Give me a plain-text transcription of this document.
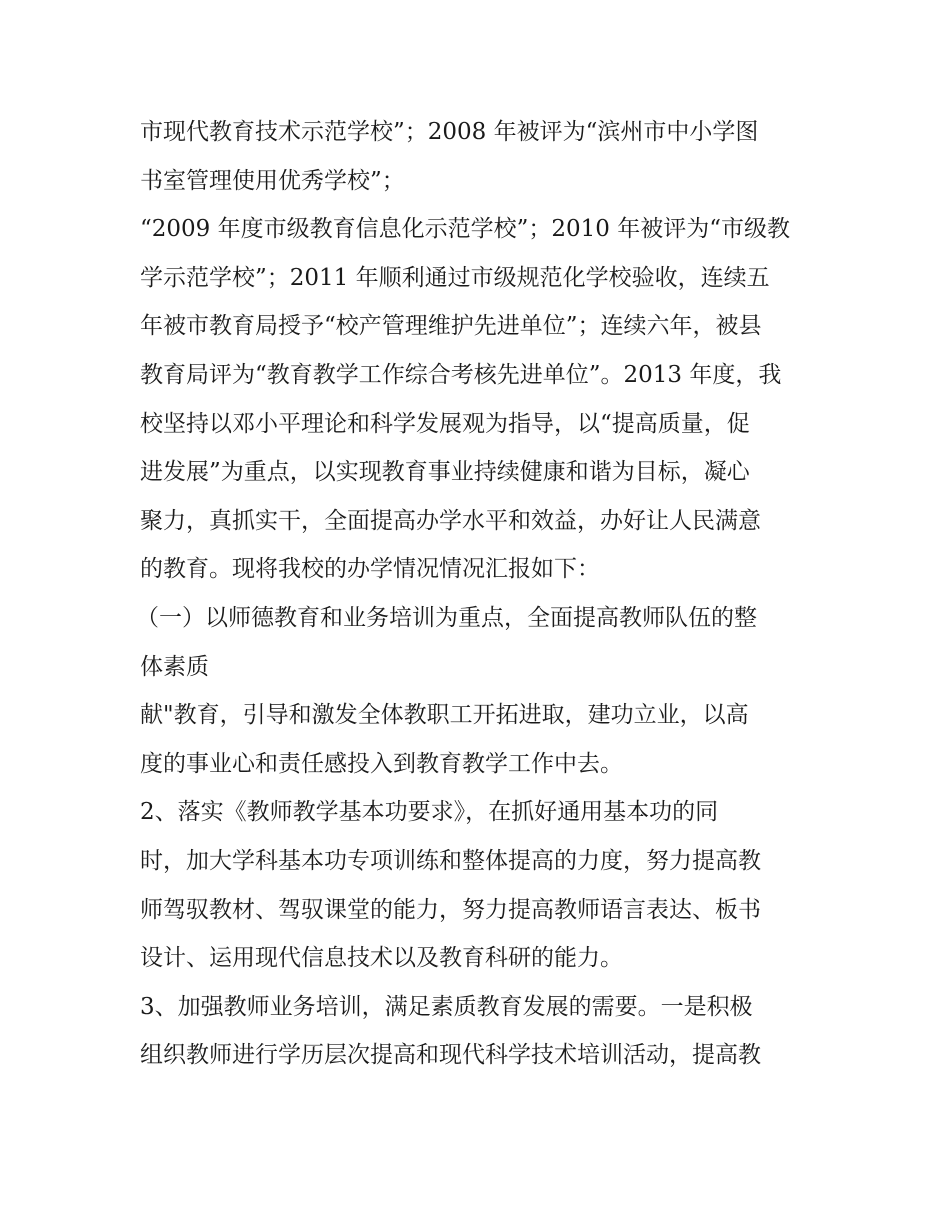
市现代教育技术示范学校”；2008 年被评为“滨州市中小学图

书室管理使用优秀学校”；

“2009 年度市级教育信息化示范学校”；2010 年被评为“市级教

学示范学校”；2011 年顺利通过市级规范化学校验收，连续五

年被市教育局授予“校产管理维护先进单位”；连续六年，被县

教育局评为“教育教学工作综合考核先进单位”。2013 年度，我

校坚持以邓小平理论和科学发展观为指导，以“提高质量，促

进发展”为重点，以实现教育事业持续健康和谐为目标，凝心

聚力，真抓实干，全面提高办学水平和效益，办好让人民满意

的教育。现将我校的办学情况情况汇报如下：

（一）以师德教育和业务培训为重点，全面提高教师队伍的整

体素质

献"教育，引导和激发全体教职工开拓进取，建功立业，以高

度的事业心和责任感投入到教育教学工作中去。

2、落实《教师教学基本功要求》，在抓好通用基本功的同

时，加大学科基本功专项训练和整体提高的力度，努力提高教

师驾驭教材、驾驭课堂的能力，努力提高教师语言表达、板书

设计、运用现代信息技术以及教育科研的能力。

3、加强教师业务培训，满足素质教育发展的需要。一是积极

组织教师进行学历层次提高和现代科学技术培训活动，提高教
